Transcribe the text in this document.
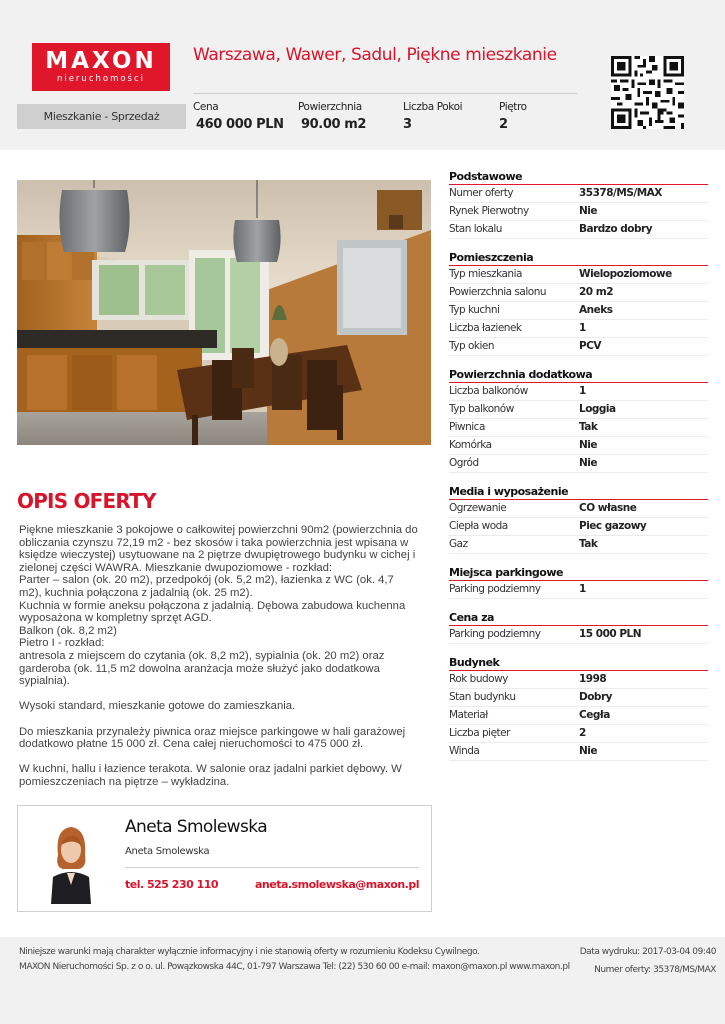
MAXON
nieruchomości
Mieszkanie - Sprzedaż
Warszawa, Wawer, Sadul, Piękne mieszkanie
Cena
460 000 PLN
Powierzchnia
90.00 m2
Liczba Pokoi
3
Piętro
2
OPIS OFERTY

Piękne mieszkanie 3 pokojowe o całkowitej powierzchni 90m2 (powierzchnia do obliczania czynszu 72,19 m2 - bez skosów i taka powierzchnia jest wpisana w księdze wieczystej) usytuowane na 2 piętrze dwupiętrowego budynku w cichej i zielonej części WAWRA. Mieszkanie dwupoziomowe - rozkład:

Parter – salon (ok. 20 m2), przedpokój (ok. 5,2 m2), łazienka z WC (ok. 4,7 m2), kuchnia połączona z jadalnią (ok. 25 m2).

Kuchnia w formie aneksu połączona z jadalnią. Dębowa zabudowa kuchenna wyposażona w kompletny sprzęt AGD.

Balkon (ok. 8,2 m2)

Pietro I - rozkład:

antresola z miejscem do czytania (ok. 8,2 m2), sypialnia (ok. 20 m2) oraz garderoba (ok. 11,5 m2 dowolna aranżacja może służyć jako dodatkowa sypialnia).

Wysoki standard, mieszkanie gotowe do zamieszkania.

Do mieszkania przynależy piwnica oraz miejsce parkingowe w hali garażowej dodatkowo płatne 15 000 zł. Cena całej nieruchomości to 475 000 zł.

W kuchni, hallu i łazience terakota. W salonie oraz jadalni parkiet dębowy. W pomieszczeniach na piętrze – wykładzina.

Aneta Smolewska
Aneta Smolewska
tel. 525 230 110	aneta.smolewska@maxon.pl
Podstawowe
Numer oferty	35378/MS/MAX
Rynek Pierwotny	Nie
Stan lokalu	Bardzo dobry
Pomieszczenia
Typ mieszkania	Wielopoziomowe
Powierzchnia salonu	20 m2
Typ kuchni	Aneks
Liczba łazienek	1
Typ okien	PCV
Powierzchnia dodatkowa
Liczba balkonów	1
Typ balkonów	Loggia
Piwnica	Tak
Komórka	Nie
Ogród	Nie
Media i wyposażenie
Ogrzewanie	CO własne
Ciepła woda	Piec gazowy
Gaz	Tak
Miejsca parkingowe
Parking podziemny	1
Cena za
Parking podziemny	15 000 PLN
Budynek
Rok budowy	1998
Stan budynku	Dobry
Materiał	Cegła
Liczba pięter	2
Winda	Nie
Niniejsze warunki mają charakter wyłącznie informacyjny i nie stanowią oferty w rozumieniu Kodeksu Cywilnego.
MAXON Nieruchomości Sp. z o o. ul. Powązkowska 44C, 01-797 Warszawa Tel: (22) 530 60 00 e-mail: maxon@maxon.pl www.maxon.pl
Data wydruku: 2017-03-04 09:40
Numer oferty: 35378/MS/MAX
